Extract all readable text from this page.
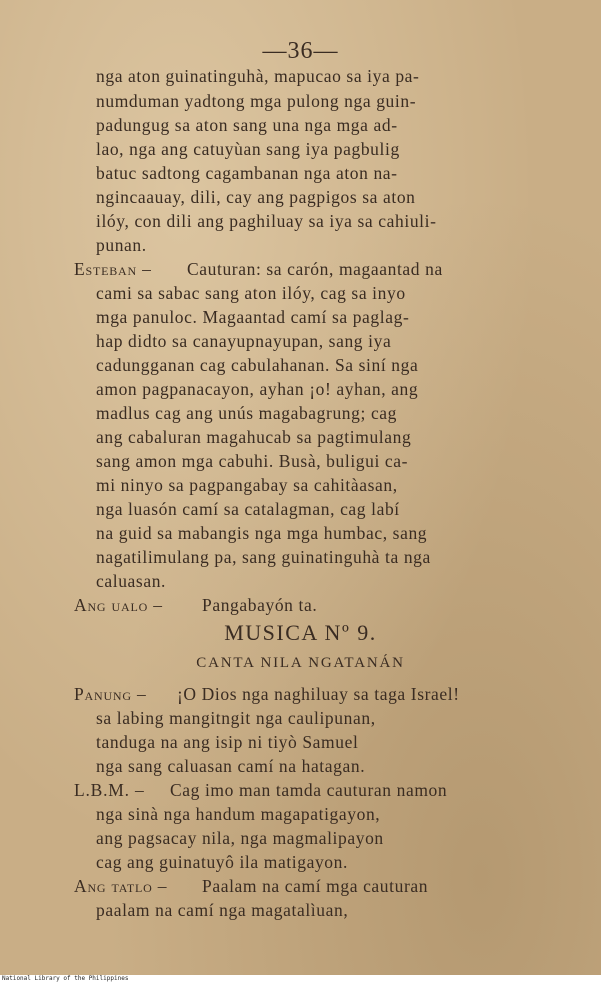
—36—
nga aton guinatinguhà, mapucao sa iya pa-
numduman yadtong mga pulong nga guin-
padungug sa aton sang una nga mga ad-
lao, nga ang catuyùan sang iya pagbulig
batuc sadtong cagambanan nga aton na-
ngincaauay, dili, cay ang pagpigos sa aton
ilóy, con dili ang paghiluay sa iya sa cahiuli-
punan.
Esteban – Cauturan: sa carón, magaantad na
cami sa sabac sang aton ilóy, cag sa inyo
mga panuloc. Magaantad camí sa paglag-
hap didto sa canayupnayupan, sang iya
cadungganan cag cabulahanan. Sa siní nga
amon pagpanacayon, ayhan ¡o! ayhan, ang
madlus cag ang unús magabagrung; cag
ang cabaluran magahucab sa pagtimulang
sang amon mga cabuhi. Busà, buligui ca-
mi ninyo sa pagpangabay sa cahitàasan,
nga luasón camí sa catalagman, cag labí
na guid sa mabangis nga mga humbac, sang
nagatilimulang pa, sang guinatinguhà ta nga
caluasan.
Ang ualo – Pangabayón ta.
MUSICA Nº 9.
CANTA NILA NGATANÁN
Panung – ¡O Dios nga naghiluay sa taga Israel!
sa labing mangitngit nga caulipunan,
tanduga na ang isip ni tiyò Samuel
nga sang caluasan camí na hatagan.
L.B.M. – Cag imo man tamda cauturan namon
nga sinà nga handum magapatigayon,
ang pagsacay nila, nga magmalipayon
cag ang guinatuyô ila matigayon.
Ang tatlo – Paalam na camí mga cauturan
paalam na camí nga magatalìuan,
National Library of the Philippines
